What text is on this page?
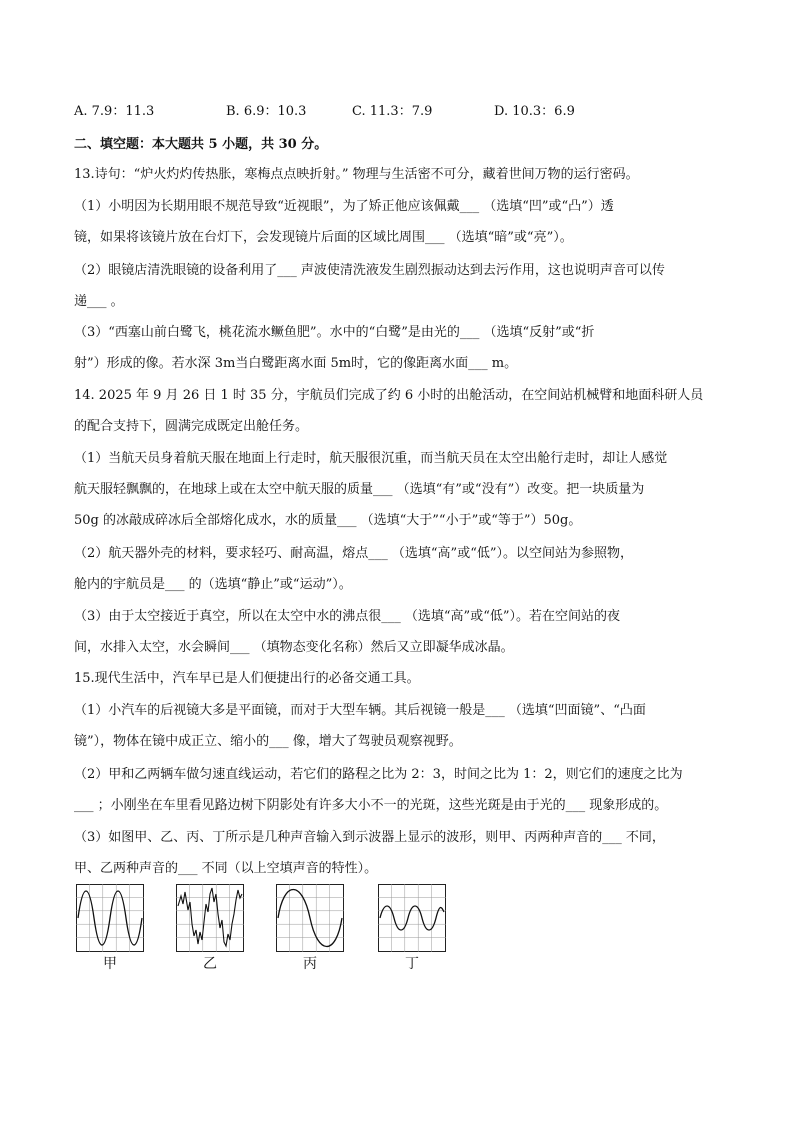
A. 7.9：11.3	B. 6.9：10.3	C. 11.3：7.9	D. 10.3：6.9
二、填空题：本大题共 5 小题，共 30 分。
13.诗句：“炉火灼灼传热胀，寒梅点点映折射。” 物理与生活密不可分，藏着世间万物的运行密码。
（1）小明因为长期用眼不规范导致“近视眼”，为了矫正他应该佩戴___ （选填“凹”或“凸”）透
镜，如果将该镜片放在台灯下，会发现镜片后面的区域比周围___ （选填“暗”或“亮”）。
（2）眼镜店清洗眼镜的设备利用了___ 声波使清洗液发生剧烈振动达到去污作用，这也说明声音可以传
递___ 。
（3）“西塞山前白鹭飞，桃花流水鳜鱼肥”。水中的“白鹭”是由光的___ （选填“反射”或“折
射”）形成的像。若水深 3m当白鹭距离水面 5m时，它的像距离水面___ m。
14. 2025 年 9 月 26 日 1 时 35 分，宇航员们完成了约 6 小时的出舱活动，在空间站机械臂和地面科研人员
的配合支持下，圆满完成既定出舱任务。
（1）当航天员身着航天服在地面上行走时，航天服很沉重，而当航天员在太空出舱行走时，却让人感觉
航天服轻飘飘的，在地球上或在太空中航天服的质量___ （选填“有”或“没有”）改变。把一块质量为
50g 的冰敲成碎冰后全部熔化成水，水的质量___ （选填“大于”“小于”或“等于”）50g。
（2）航天器外壳的材料，要求轻巧、耐高温，熔点___ （选填“高”或“低”）。以空间站为参照物，
舱内的宇航员是___ 的（选填“静止”或“运动”）。
（3）由于太空接近于真空，所以在太空中水的沸点很___ （选填“高”或“低”）。若在空间站的夜
间，水排入太空，水会瞬间___ （填物态变化名称）然后又立即凝华成冰晶。
15.现代生活中，汽车早已是人们便捷出行的必备交通工具。
（1）小汽车的后视镜大多是平面镜，而对于大型车辆。其后视镜一般是___ （选填“凹面镜”、“凸面
镜”），物体在镜中成正立、缩小的___ 像，增大了驾驶员观察视野。
（2）甲和乙两辆车做匀速直线运动，若它们的路程之比为 2：3，时间之比为 1：2，则它们的速度之比为
___ ；小刚坐在车里看见路边树下阴影处有许多大小不一的光斑，这些光斑是由于光的___ 现象形成的。
（3）如图甲、乙、丙、丁所示是几种声音输入到示波器上显示的波形，则甲、丙两种声音的___ 不同，
甲、乙两种声音的___ 不同（以上空填声音的特性）。
甲	乙	丙	丁
